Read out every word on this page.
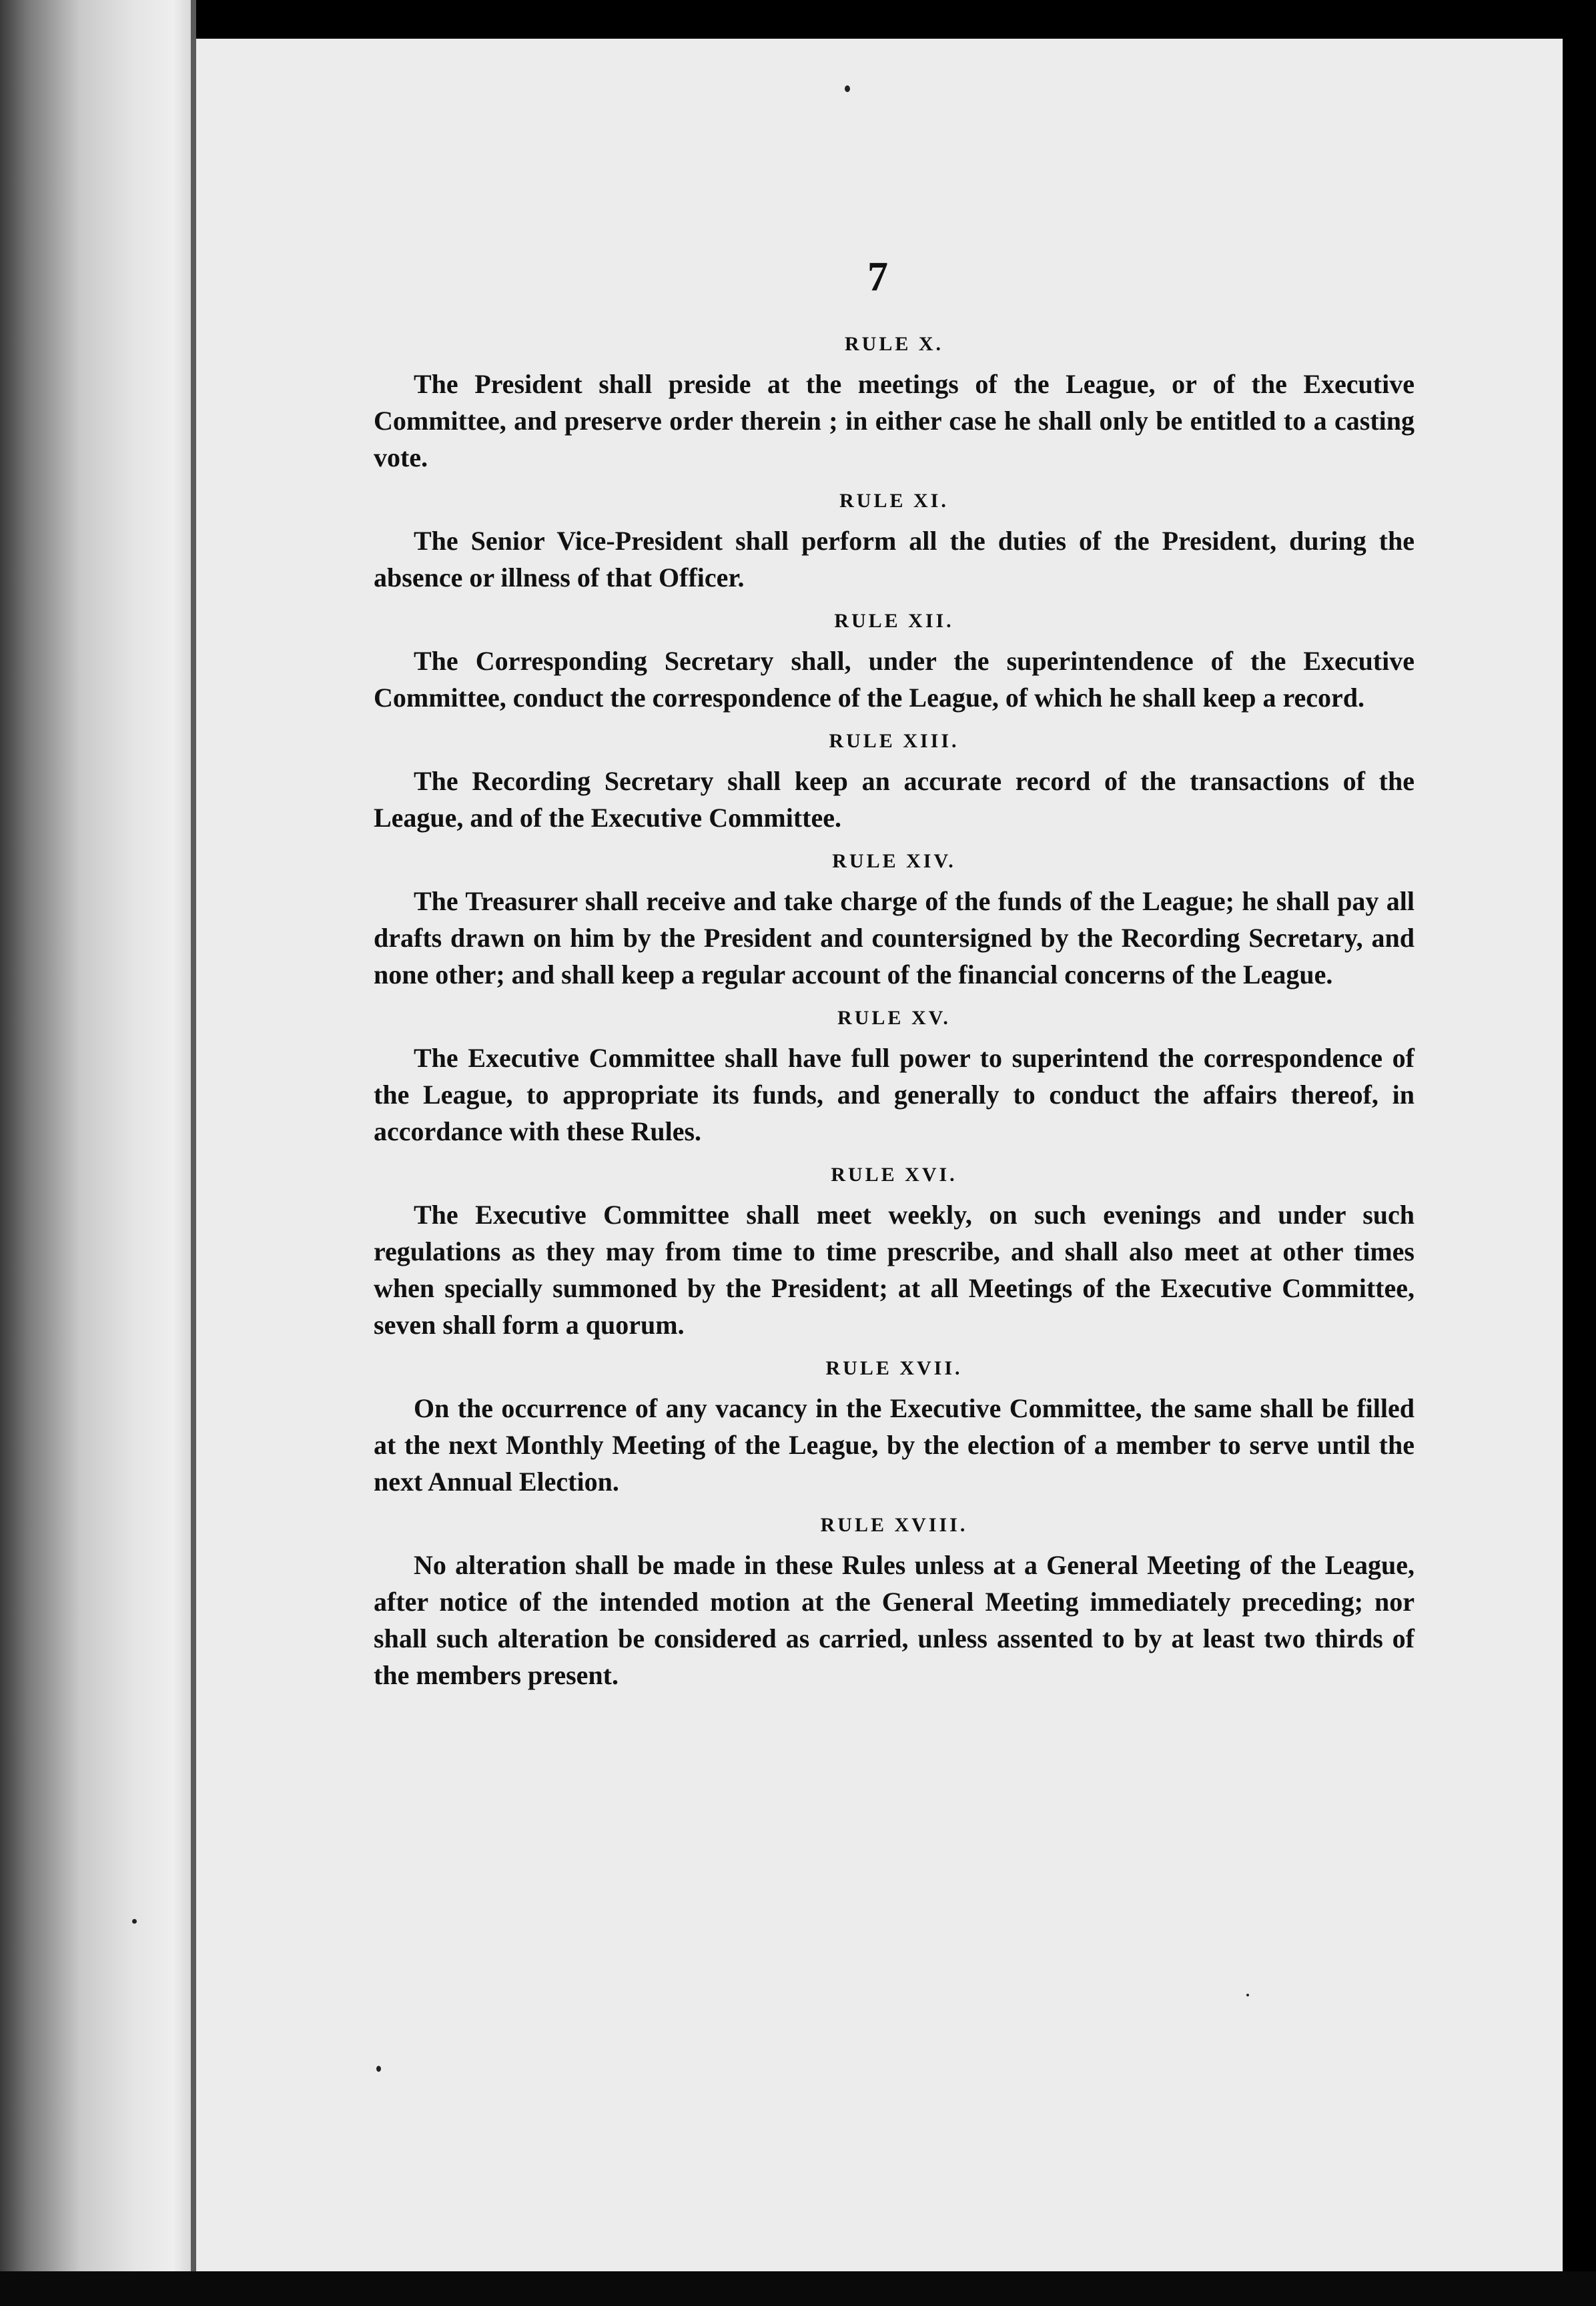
7
RULE X.

The President shall preside at the meetings of the League, or of the Executive Committee, and preserve order therein ; in either case he shall only be entitled to a casting vote.

RULE XI.

The Senior Vice-President shall perform all the duties of the President, during the absence or illness of that Officer.

RULE XII.

The Corresponding Secretary shall, under the superintendence of the Executive Committee, conduct the correspondence of the League, of which he shall keep a record.

RULE XIII.

The Recording Secretary shall keep an accurate record of the transactions of the League, and of the Executive Committee.

RULE XIV.

The Treasurer shall receive and take charge of the funds of the League; he shall pay all drafts drawn on him by the President and countersigned by the Recording Secretary, and none other; and shall keep a regular account of the financial concerns of the League.

RULE XV.

The Executive Committee shall have full power to superintend the correspondence of the League, to appropriate its funds, and generally to conduct the affairs thereof, in accordance with these Rules.

RULE XVI.

The Executive Committee shall meet weekly, on such evenings and under such regulations as they may from time to time prescribe, and shall also meet at other times when specially summoned by the President; at all Meetings of the Executive Committee, seven shall form a quorum.

RULE XVII.

On the occurrence of any vacancy in the Executive Committee, the same shall be filled at the next Monthly Meeting of the League, by the election of a member to serve until the next Annual Election.

RULE XVIII.

No alteration shall be made in these Rules unless at a General Meeting of the League, after notice of the intended motion at the General Meeting immediately preceding; nor shall such alteration be considered as carried, unless assented to by at least two thirds of the members present.
